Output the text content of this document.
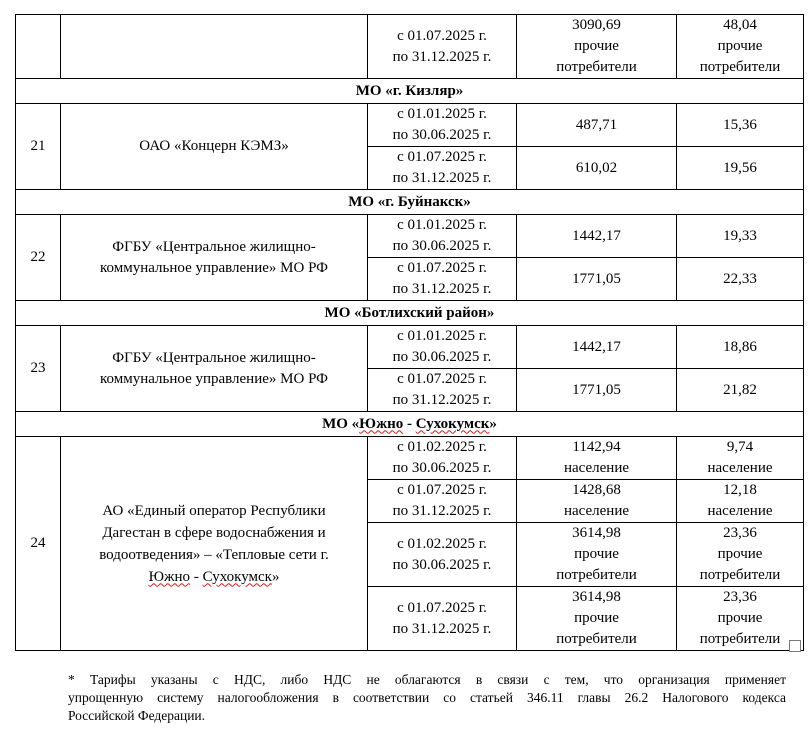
		с 01.07.2025 г.
по 31.12.2025 г.	3090,69
прочие
потребители	48,04
прочие
потребители
МО «г. Кизляр»				
21	ОАО «Концерн КЭМЗ»	с 01.01.2025 г.
по 30.06.2025 г.	487,71	15,36
		с 01.07.2025 г.
по 31.12.2025 г.	610,02	19,56
МО «г. Буйнакск»				
22	ФГБУ «Центральное жилищно-
коммунальное управление» МО РФ	с 01.01.2025 г.
по 30.06.2025 г.	1442,17	19,33
		с 01.07.2025 г.
по 31.12.2025 г.	1771,05	22,33
МО «Ботлихский район»				
23	ФГБУ «Центральное жилищно-
коммунальное управление» МО РФ	с 01.01.2025 г.
по 30.06.2025 г.	1442,17	18,86
		с 01.07.2025 г.
по 31.12.2025 г.	1771,05	21,82
МО «Южно - Сухокумск»				
24	АО «Единый оператор Республики
Дагестан в сфере водоснабжения и
водоотведения» – «Тепловые сети г.
Южно - Сухокумск»	с 01.02.2025 г.
по 30.06.2025 г.	1142,94
население	9,74
население
		с 01.07.2025 г.
по 31.12.2025 г.	1428,68
население	12,18
население
		с 01.02.2025 г.
по 30.06.2025 г.	3614,98
прочие
потребители	23,36
прочие
потребители
		с 01.07.2025 г.
по 31.12.2025 г.	3614,98
прочие
потребители	23,36
прочие
потребители
* Тарифы указаны с НДС, либо НДС не облагаются в связи с тем, что организация применяет
упрощенную систему налогообложения в соответствии со статьей 346.11 главы 26.2 Налогового кодекса
Российской Федерации.
